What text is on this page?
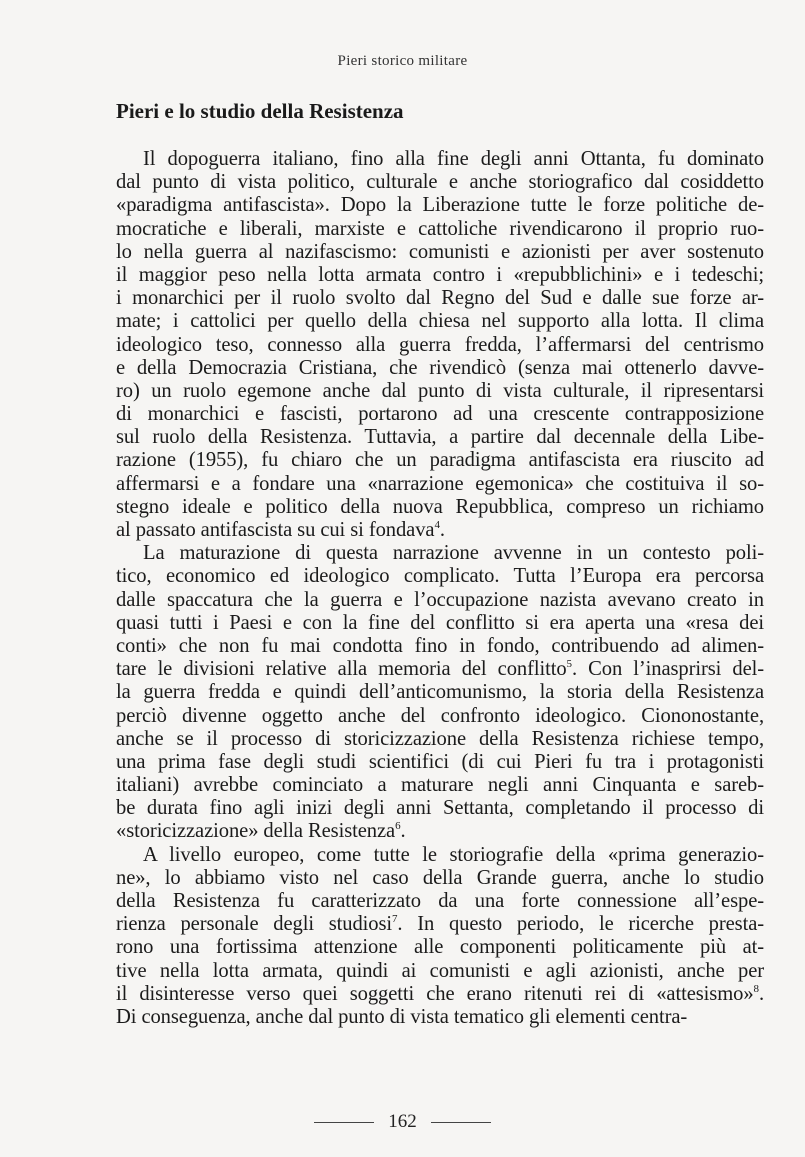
Pieri storico militare
Pieri e lo studio della Resistenza
Il dopoguerra italiano, fino alla fine degli anni Ottanta, fu dominato
dal punto di vista politico, culturale e anche storiografico dal cosiddetto
«paradigma antifascista». Dopo la Liberazione tutte le forze politiche de-
mocratiche e liberali, marxiste e cattoliche rivendicarono il proprio ruo-
lo nella guerra al nazifascismo: comunisti e azionisti per aver sostenuto
il maggior peso nella lotta armata contro i «repubblichini» e i tedeschi;
i monarchici per il ruolo svolto dal Regno del Sud e dalle sue forze ar-
mate; i cattolici per quello della chiesa nel supporto alla lotta. Il clima
ideologico teso, connesso alla guerra fredda, l’affermarsi del centrismo
e della Democrazia Cristiana, che rivendicò (senza mai ottenerlo davve-
ro) un ruolo egemone anche dal punto di vista culturale, il ripresentarsi
di monarchici e fascisti, portarono ad una crescente contrapposizione
sul ruolo della Resistenza. Tuttavia, a partire dal decennale della Libe-
razione (1955), fu chiaro che un paradigma antifascista era riuscito ad
affermarsi e a fondare una «narrazione egemonica» che costituiva il so-
stegno ideale e politico della nuova Repubblica, compreso un richiamo
al passato antifascista su cui si fondava$^4$.
La maturazione di questa narrazione avvenne in un contesto poli-
tico, economico ed ideologico complicato. Tutta l’Europa era percorsa
dalle spaccatura che la guerra e l’occupazione nazista avevano creato in
quasi tutti i Paesi e con la fine del conflitto si era aperta una «resa dei
conti» che non fu mai condotta fino in fondo, contribuendo ad alimen-
tare le divisioni relative alla memoria del conflitto$^5$. Con l’inasprirsi del-
la guerra fredda e quindi dell’anticomunismo, la storia della Resistenza
perciò divenne oggetto anche del confronto ideologico. Ciononostante,
anche se il processo di storicizzazione della Resistenza richiese tempo,
una prima fase degli studi scientifici (di cui Pieri fu tra i protagonisti
italiani) avrebbe cominciato a maturare negli anni Cinquanta e sareb-
be durata fino agli inizi degli anni Settanta, completando il processo di
«storicizzazione» della Resistenza$^6$.
A livello europeo, come tutte le storiografie della «prima generazio-
ne», lo abbiamo visto nel caso della Grande guerra, anche lo studio
della Resistenza fu caratterizzato da una forte connessione all’espe-
rienza personale degli studiosi$^7$. In questo periodo, le ricerche presta-
rono una fortissima attenzione alle componenti politicamente più at-
tive nella lotta armata, quindi ai comunisti e agli azionisti, anche per
il disinteresse verso quei soggetti che erano ritenuti rei di «attesismo»$^8$.
Di conseguenza, anche dal punto di vista tematico gli elementi centra-
162
